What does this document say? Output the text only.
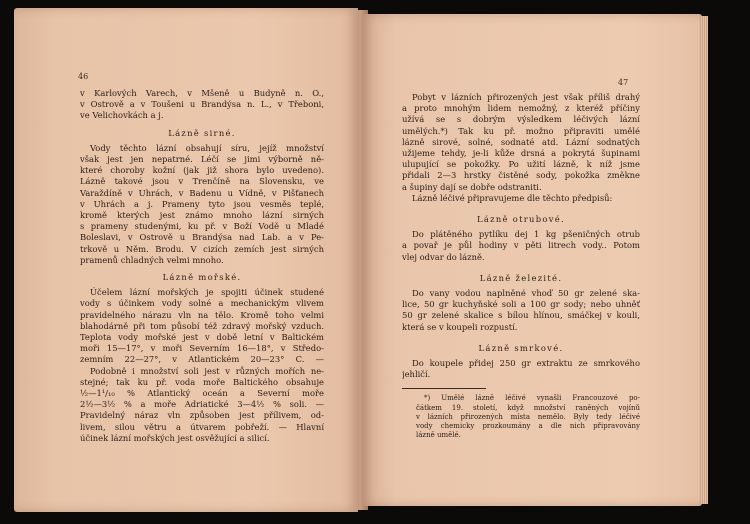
46
v Karlových Varech, v Mšeně u Budyně n. O.,
v Ostrově a v Toušeni u Brandýsa n. L., v Třeboni,
ve Velichovkách a j.
Lázně sirné.
Vody těchto lázní obsahují síru, jejíž množství
však jest jen nepatrné. Léčí se jimi výborně ně-
které choroby kožní (jak již shora bylo uvedeno).
Lázně takové jsou v Trenčíně na Slovensku, ve
Varaždíně v Uhrách, v Badenu u Vídně, v Pišťanech
v Uhrách a j. Prameny tyto jsou vesměs teplé,
kromě kterých jest známo mnoho lázní sirných
s prameny studenými, ku př. v Boží Vodě u Mladé
Boleslavi, v Ostrově u Brandýsa nad Lab. a v Pe-
trkově u Něm. Brodu. V cizích zemích jest sirných
pramenů chladných velmi mnoho.
Lázně mořské.
Účelem lázní mořských je spojiti účinek studené
vody s účinkem vody solné a mechanickým vlivem
pravidelného nárazu vln na tělo. Kromě toho velmi
blahodárně při tom působí též zdravý mořský vzduch.
Teplota vody mořské jest v době letní v Baltickém
moři 15—17°, v moři Severním 16—18°, v Středo-
zemním 22—27°, v Atlantickém 20—23° C. —
Podobně i množství soli jest v různých mořích ne-
stejné; tak ku př. voda moře Baltického obsahuje
½—1¹/₁₀ % Atlantický oceán a Severní moře
2½—3½ % a moře Adriatické 3—4½ % soli. —
Pravidelný náraz vln způsoben jest přílivem, od-
livem, silou větru a útvarem pobřeží. — Hlavní
účinek lázní mořských jest osvěžující a silicí.
47
Pobyt v lázních přirozených jest však příliš drahý
a proto mnohým lidem nemožný, z kteréž příčiny
užívá se s dobrým výsledkem léčivých lázní
umělých.*) Tak ku př. možno připraviti umělé
lázně sirové, solné, sodnaté atd. Lázní sodnatých
užijeme tehdy, je-li kůže drsná a pokrytá šupinami
ulupující se pokožky. Po užití lázně, k níž jsme
přidali 2—3 hrstky čistěné sody, pokožka změkne
a šupiny dají se dobře odstraniti.
Lázně léčivé připravujeme dle těchto předpisů:
Lázně otrubové.
Do plátěného pytlíku dej 1 kg pšeničných otrub
a povař je půl hodiny v pěti litrech vody.. Potom
vlej odvar do lázně.
Lázně železité.
Do vany vodou naplněné vhoď 50 gr zelené ska-
lice, 50 gr kuchyňské soli a 100 gr sody; nebo uhněť
50 gr zelené skalice s bílou hlínou, smáčkej v kouli,
která se v koupeli rozpustí.
Lázně smrkové.
Do koupele přidej 250 gr extraktu ze smrkového
jehličí.
*) Umělé lázně léčivé vynašli Francouzové po-
čátkem 19. století, když množství raněných vojínů
v lázních přirozených místa nemělo. Byly tedy léčivé
vody chemicky prozkoumány a dle nich připravovány
lázně umělé.
